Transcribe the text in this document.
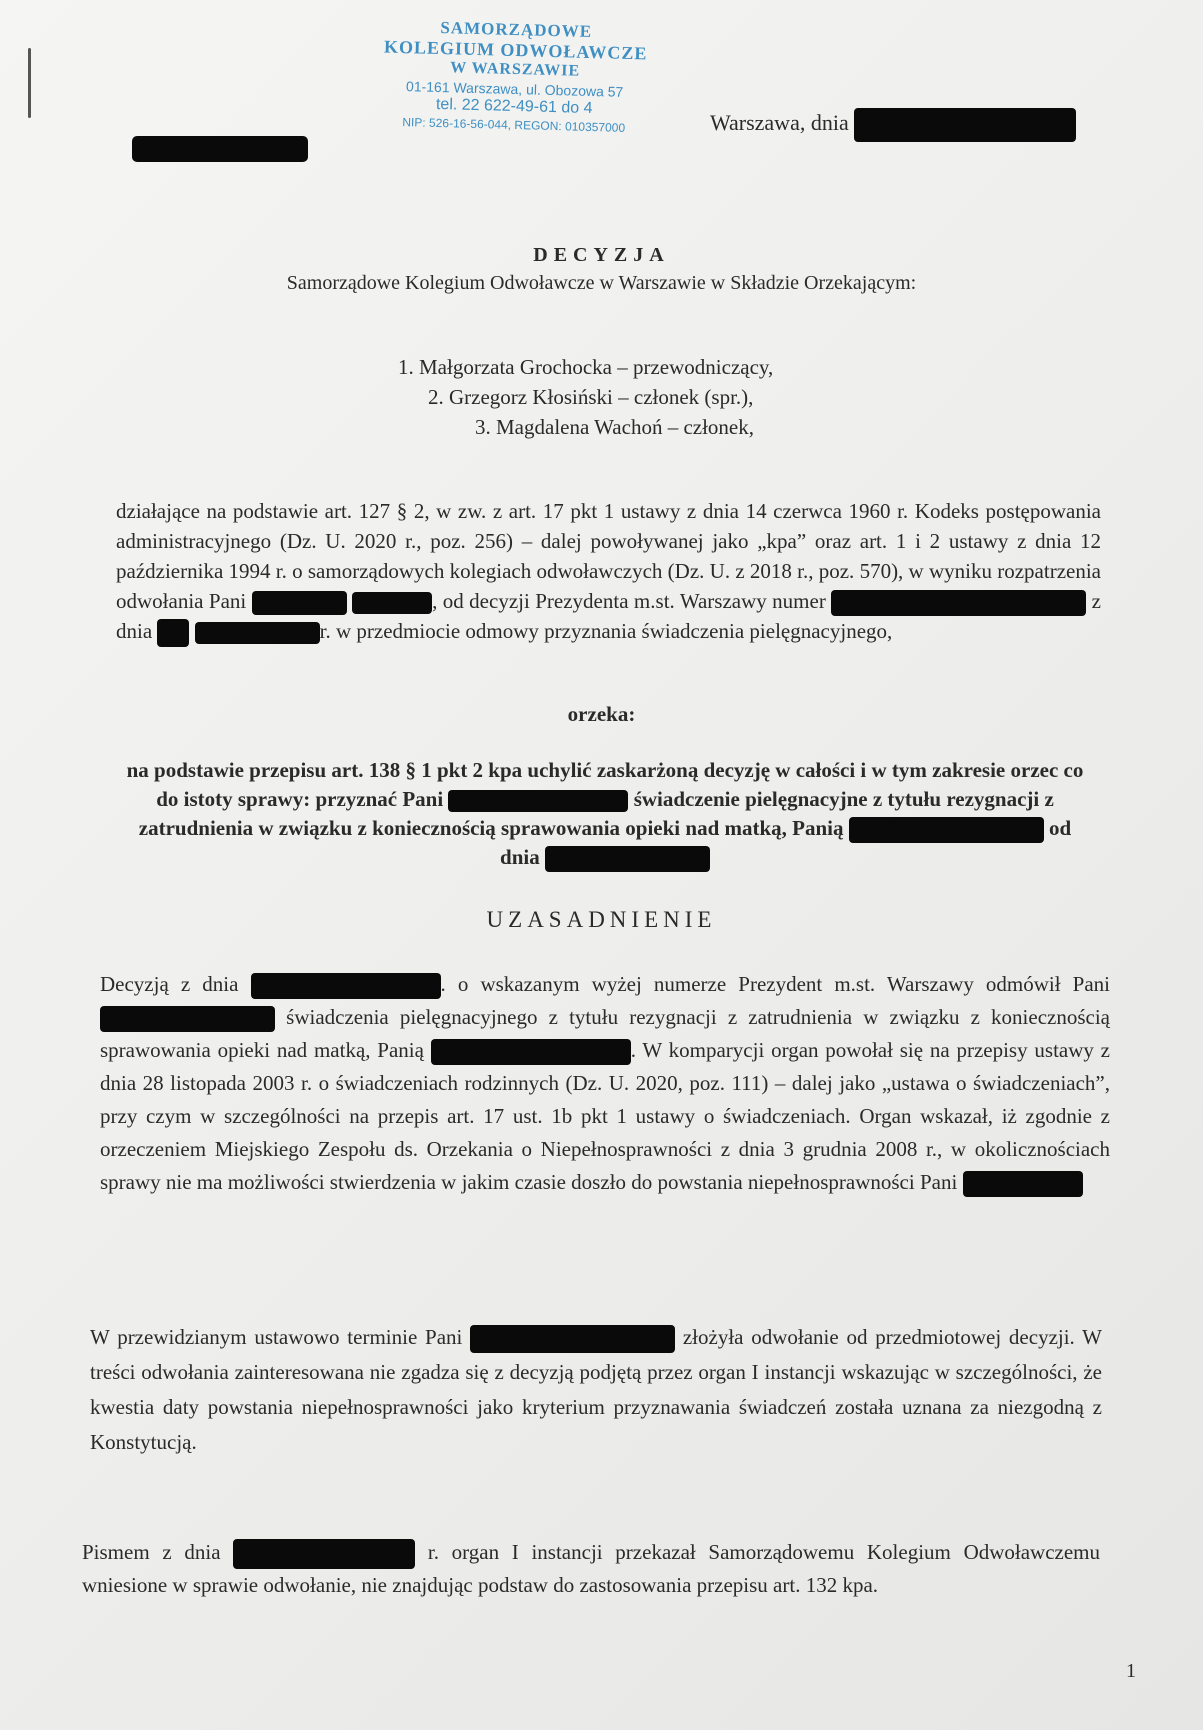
SAMORZĄDOWE
KOLEGIUM ODWOŁAWCZE
W WARSZAWIE
01-161 Warszawa, ul. Obozowa 57
tel. 22 622-49-61 do 4
NIP: 526-16-56-044, REGON: 010357000	Warszawa, dnia
DECYZJA
Samorządowe Kolegium Odwoławcze w Warszawie w Składzie Orzekającym:
1. Małgorzata Grochocka – przewodniczący,
2. Grzegorz Kłosiński – członek (spr.),
3. Magdalena Wachoń – członek,
działające na podstawie art. 127 § 2, w zw. z art. 17 pkt 1 ustawy z dnia 14 czerwca 1960 r. Kodeks postępowania administracyjnego (Dz. U. 2020 r., poz. 256) – dalej powoływanej jako „kpa” oraz art. 1 i 2 ustawy z dnia 12 października 1994 r. o samorządowych kolegiach odwoławczych (Dz. U. z 2018 r., poz. 570), w wyniku rozpatrzenia odwołania Pani	, od decyzji Prezydenta m.st. Warszawy numer	z dnia	r. w przedmiocie odmowy przyznania świadczenia pielęgnacyjnego,
orzeka:
na podstawie przepisu art. 138 § 1 pkt 2 kpa uchylić zaskarżoną decyzję w całości i w tym zakresie orzec co do istoty sprawy: przyznać Pani	świadczenie pielęgnacyjne z tytułu rezygnacji z zatrudnienia w związku z koniecznością sprawowania opieki nad matką, Panią	od dnia
UZASADNIENIE
Decyzją z dnia	. o wskazanym wyżej numerze Prezydent m.st. Warszawy odmówił Pani  świadczenia pielęgnacyjnego z tytułu rezygnacji z zatrudnienia w związku z koniecznością sprawowania opieki nad matką, Panią	. W komparycji organ powołał się na przepisy ustawy z dnia 28 listopada 2003 r. o świadczeniach rodzinnych (Dz. U. 2020, poz. 111) – dalej jako „ustawa o świadczeniach”, przy czym w szczególności na przepis art. 17 ust. 1b pkt 1 ustawy o świadczeniach. Organ wskazał, iż zgodnie z orzeczeniem Miejskiego Zespołu ds. Orzekania o Niepełnosprawności z dnia 3 grudnia 2008 r., w okolicznościach sprawy nie ma możliwości stwierdzenia w jakim czasie doszło do powstania niepełnosprawności Pani
W przewidzianym ustawowo terminie Pani	złożyła odwołanie od przedmiotowej decyzji. W treści odwołania zainteresowana nie zgadza się z decyzją podjętą przez organ I instancji wskazując w szczególności, że kwestia daty powstania niepełnosprawności jako kryterium przyznawania świadczeń została uznana za niezgodną z Konstytucją.
Pismem z dnia	r. organ I instancji przekazał Samorządowemu Kolegium Odwoławczemu wniesione w sprawie odwołanie, nie znajdując podstaw do zastosowania przepisu art. 132 kpa.
1
